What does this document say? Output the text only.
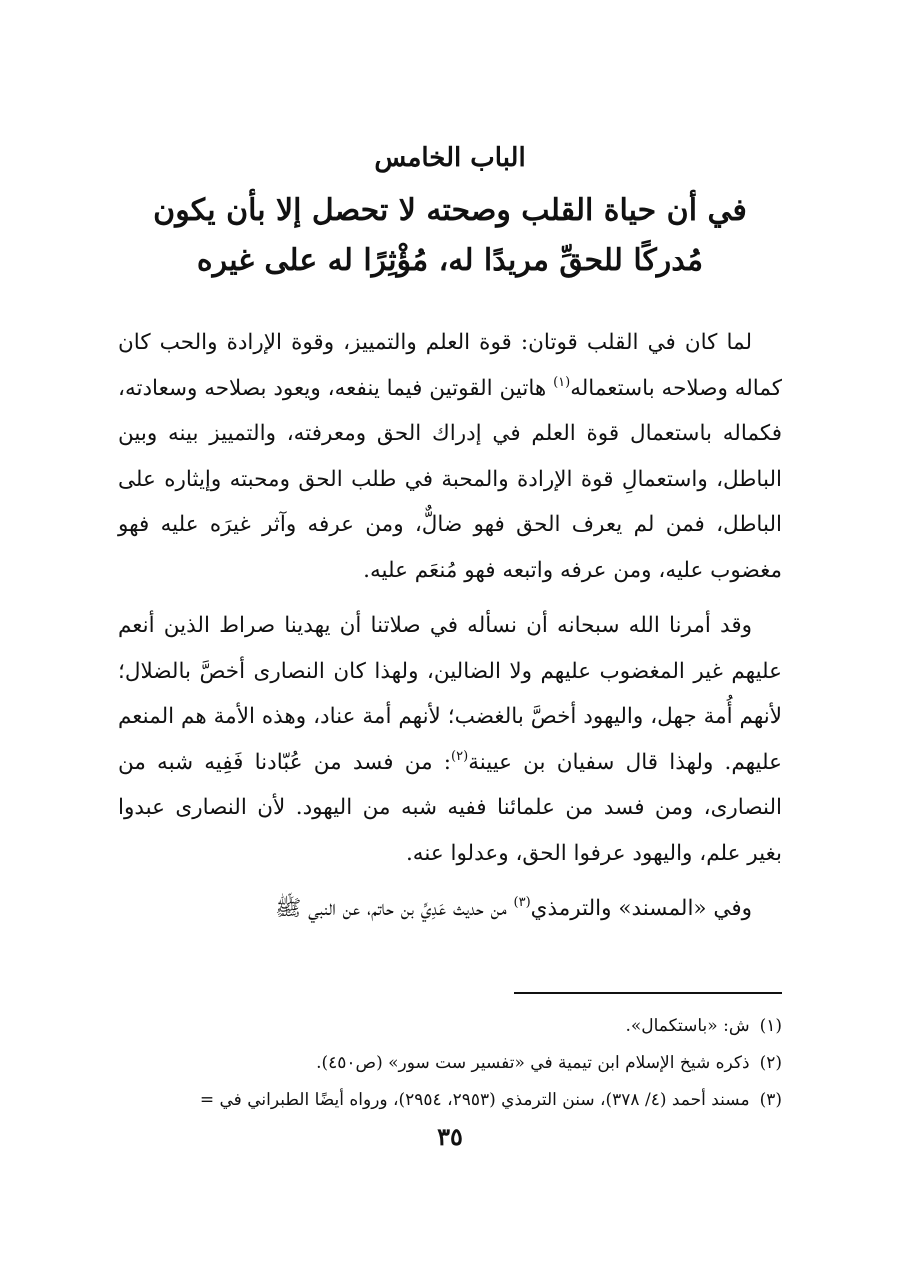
الباب الخامس
في أن حياة القلب وصحته لا تحصل إلا بأن يكون
مُدركًا للحقِّ مريدًا له، مُؤْثِرًا له على غيره

لما كان في القلب قوتان: قوة العلم والتمييز، وقوة الإرادة والحب كان كماله وصلاحه باستعماله$^{(١)}$ هاتين القوتين فيما ينفعه، ويعود بصلاحه وسعادته، فكماله باستعمال قوة العلم في إدراك الحق ومعرفته، والتمييز بينه وبين الباطل، واستعمالِ قوة الإرادة والمحبة في طلب الحق ومحبته وإيثاره على الباطل، فمن لم يعرف الحق فهو ضالٌّ، ومن عرفه وآثر غيرَه عليه فهو مغضوب عليه، ومن عرفه واتبعه فهو مُنعَم عليه.

وقد أمرنا الله سبحانه أن نسأله في صلاتنا أن يهدينا صراط الذين أنعم عليهم غير المغضوب عليهم ولا الضالين، ولهذا كان النصارى أخصَّ بالضلال؛ لأنهم أُمة جهل، واليهود أخصَّ بالغضب؛ لأنهم أمة عناد، وهذه الأمة هم المنعم عليهم. ولهذا قال سفيان بن عيينة$^{(٢)}$: من فسد من عُبّادنا فَفِيه شبه من النصارى، ومن فسد من علمائنا ففيه شبه من اليهود. لأن النصارى عبدوا بغير علم، واليهود عرفوا الحق، وعدلوا عنه.

وفي «المسند» والترمذي$^{(٣)}$ من حديث عَدِيِّ بن حاتم، عن النبي ﷺ

(١)
ش: «باستكمال».
(٢)
ذكره شيخ الإسلام ابن تيمية في «تفسير ست سور» (ص٤٥٠).
(٣)
مسند أحمد (٤/ ٣٧٨)، سنن الترمذي (٢٩٥٣، ٢٩٥٤)، ورواه أيضًا الطبراني في =
٣٥
